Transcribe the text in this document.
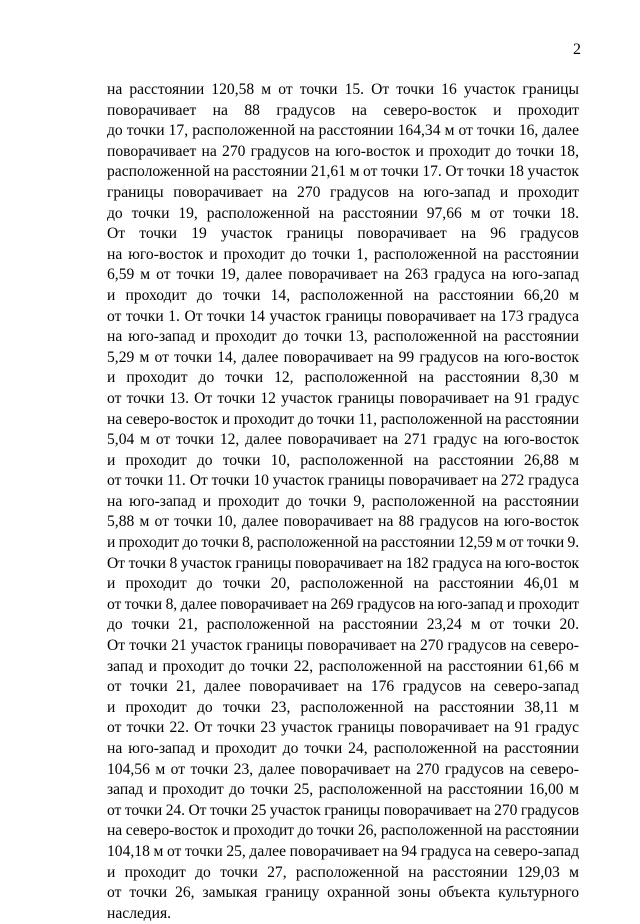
2
на расстоянии 120,58 м от точки 15. От точки 16 участок границы
поворачивает на 88 градусов на северо-восток и проходит
до точки 17, расположенной на расстоянии 164,34 м от точки 16, далее
поворачивает на 270 градусов на юго-восток и проходит до точки 18,
расположенной на расстоянии 21,61 м от точки 17. От точки 18 участок
границы поворачивает на 270 градусов на юго-запад и проходит
до точки 19, расположенной на расстоянии 97,66 м от точки 18.
От точки 19 участок границы поворачивает на 96 градусов
на юго-восток и проходит до точки 1, расположенной на расстоянии
6,59 м от точки 19, далее поворачивает на 263 градуса на юго-запад
и проходит до точки 14, расположенной на расстоянии 66,20 м
от точки 1. От точки 14 участок границы поворачивает на 173 градуса
на юго-запад и проходит до точки 13, расположенной на расстоянии
5,29 м от точки 14, далее поворачивает на 99 градусов на юго-восток
и проходит до точки 12, расположенной на расстоянии 8,30 м
от точки 13. От точки 12 участок границы поворачивает на 91 градус
на северо-восток и проходит до точки 11, расположенной на расстоянии
5,04 м от точки 12, далее поворачивает на 271 градус на юго-восток
и проходит до точки 10, расположенной на расстоянии 26,88 м
от точки 11. От точки 10 участок границы поворачивает на 272 градуса
на юго-запад и проходит до точки 9, расположенной на расстоянии
5,88 м от точки 10, далее поворачивает на 88 градусов на юго-восток
и проходит до точки 8, расположенной на расстоянии 12,59 м от точки 9.
От точки 8 участок границы поворачивает на 182 градуса на юго-восток
и проходит до точки 20, расположенной на расстоянии 46,01 м
от точки 8, далее поворачивает на 269 градусов на юго-запад и проходит
до точки 21, расположенной на расстоянии 23,24 м от точки 20.
От точки 21 участок границы поворачивает на 270 градусов на северо-
запад и проходит до точки 22, расположенной на расстоянии 61,66 м
от точки 21, далее поворачивает на 176 градусов на северо-запад
и проходит до точки 23, расположенной на расстоянии 38,11 м
от точки 22. От точки 23 участок границы поворачивает на 91 градус
на юго-запад и проходит до точки 24, расположенной на расстоянии
104,56 м от точки 23, далее поворачивает на 270 градусов на северо-
запад и проходит до точки 25, расположенной на расстоянии 16,00 м
от точки 24. От точки 25 участок границы поворачивает на 270 градусов
на северо-восток и проходит до точки 26, расположенной на расстоянии
104,18 м от точки 25, далее поворачивает на 94 градуса на северо-запад
и проходит до точки 27, расположенной на расстоянии 129,03 м
от точки 26, замыкая границу охранной зоны объекта культурного
наследия.
